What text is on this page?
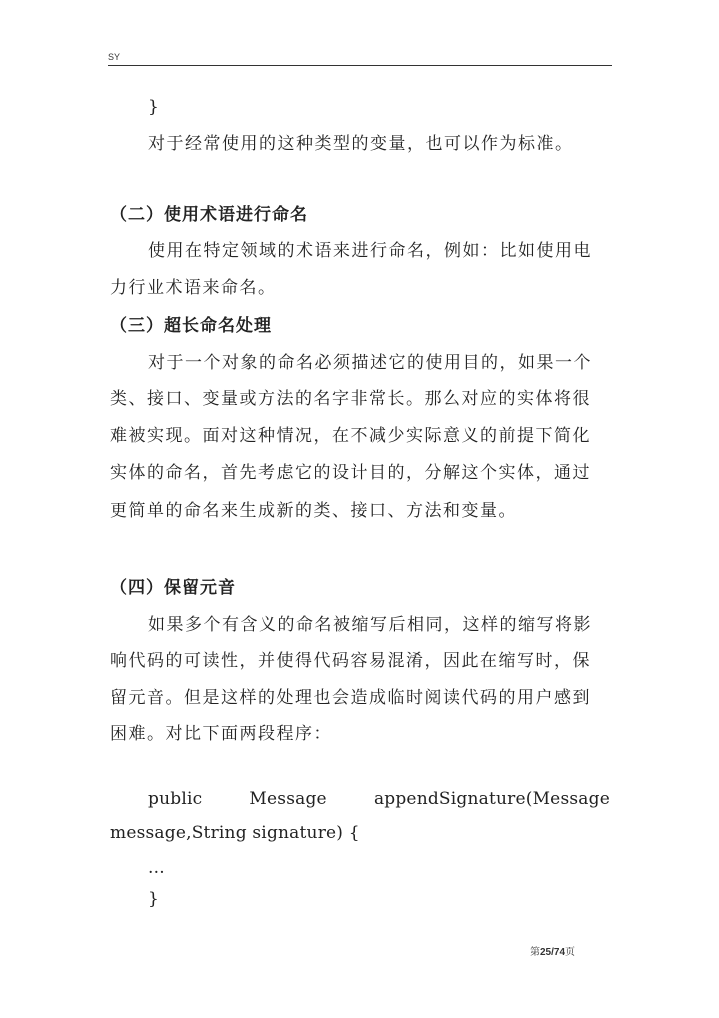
SY
}
对于经常使用的这种类型的变量，也可以作为标准。
（二）使用术语进行命名
使用在特定领域的术语来进行命名，例如：比如使用电
力行业术语来命名。
（三）超长命名处理
对于一个对象的命名必须描述它的使用目的，如果一个
类、接口、变量或方法的名字非常长。那么对应的实体将很
难被实现。面对这种情况，在不减少实际意义的前提下简化
实体的命名，首先考虑它的设计目的，分解这个实体，通过
更简单的命名来生成新的类、接口、方法和变量。
（四）保留元音
如果多个有含义的命名被缩写后相同，这样的缩写将影
响代码的可读性，并使得代码容易混淆，因此在缩写时，保
留元音。但是这样的处理也会造成临时阅读代码的用户感到
困难。对比下面两段程序：
public	Message	appendSignature(Message
message,String signature) {
...
}
第25/74页
